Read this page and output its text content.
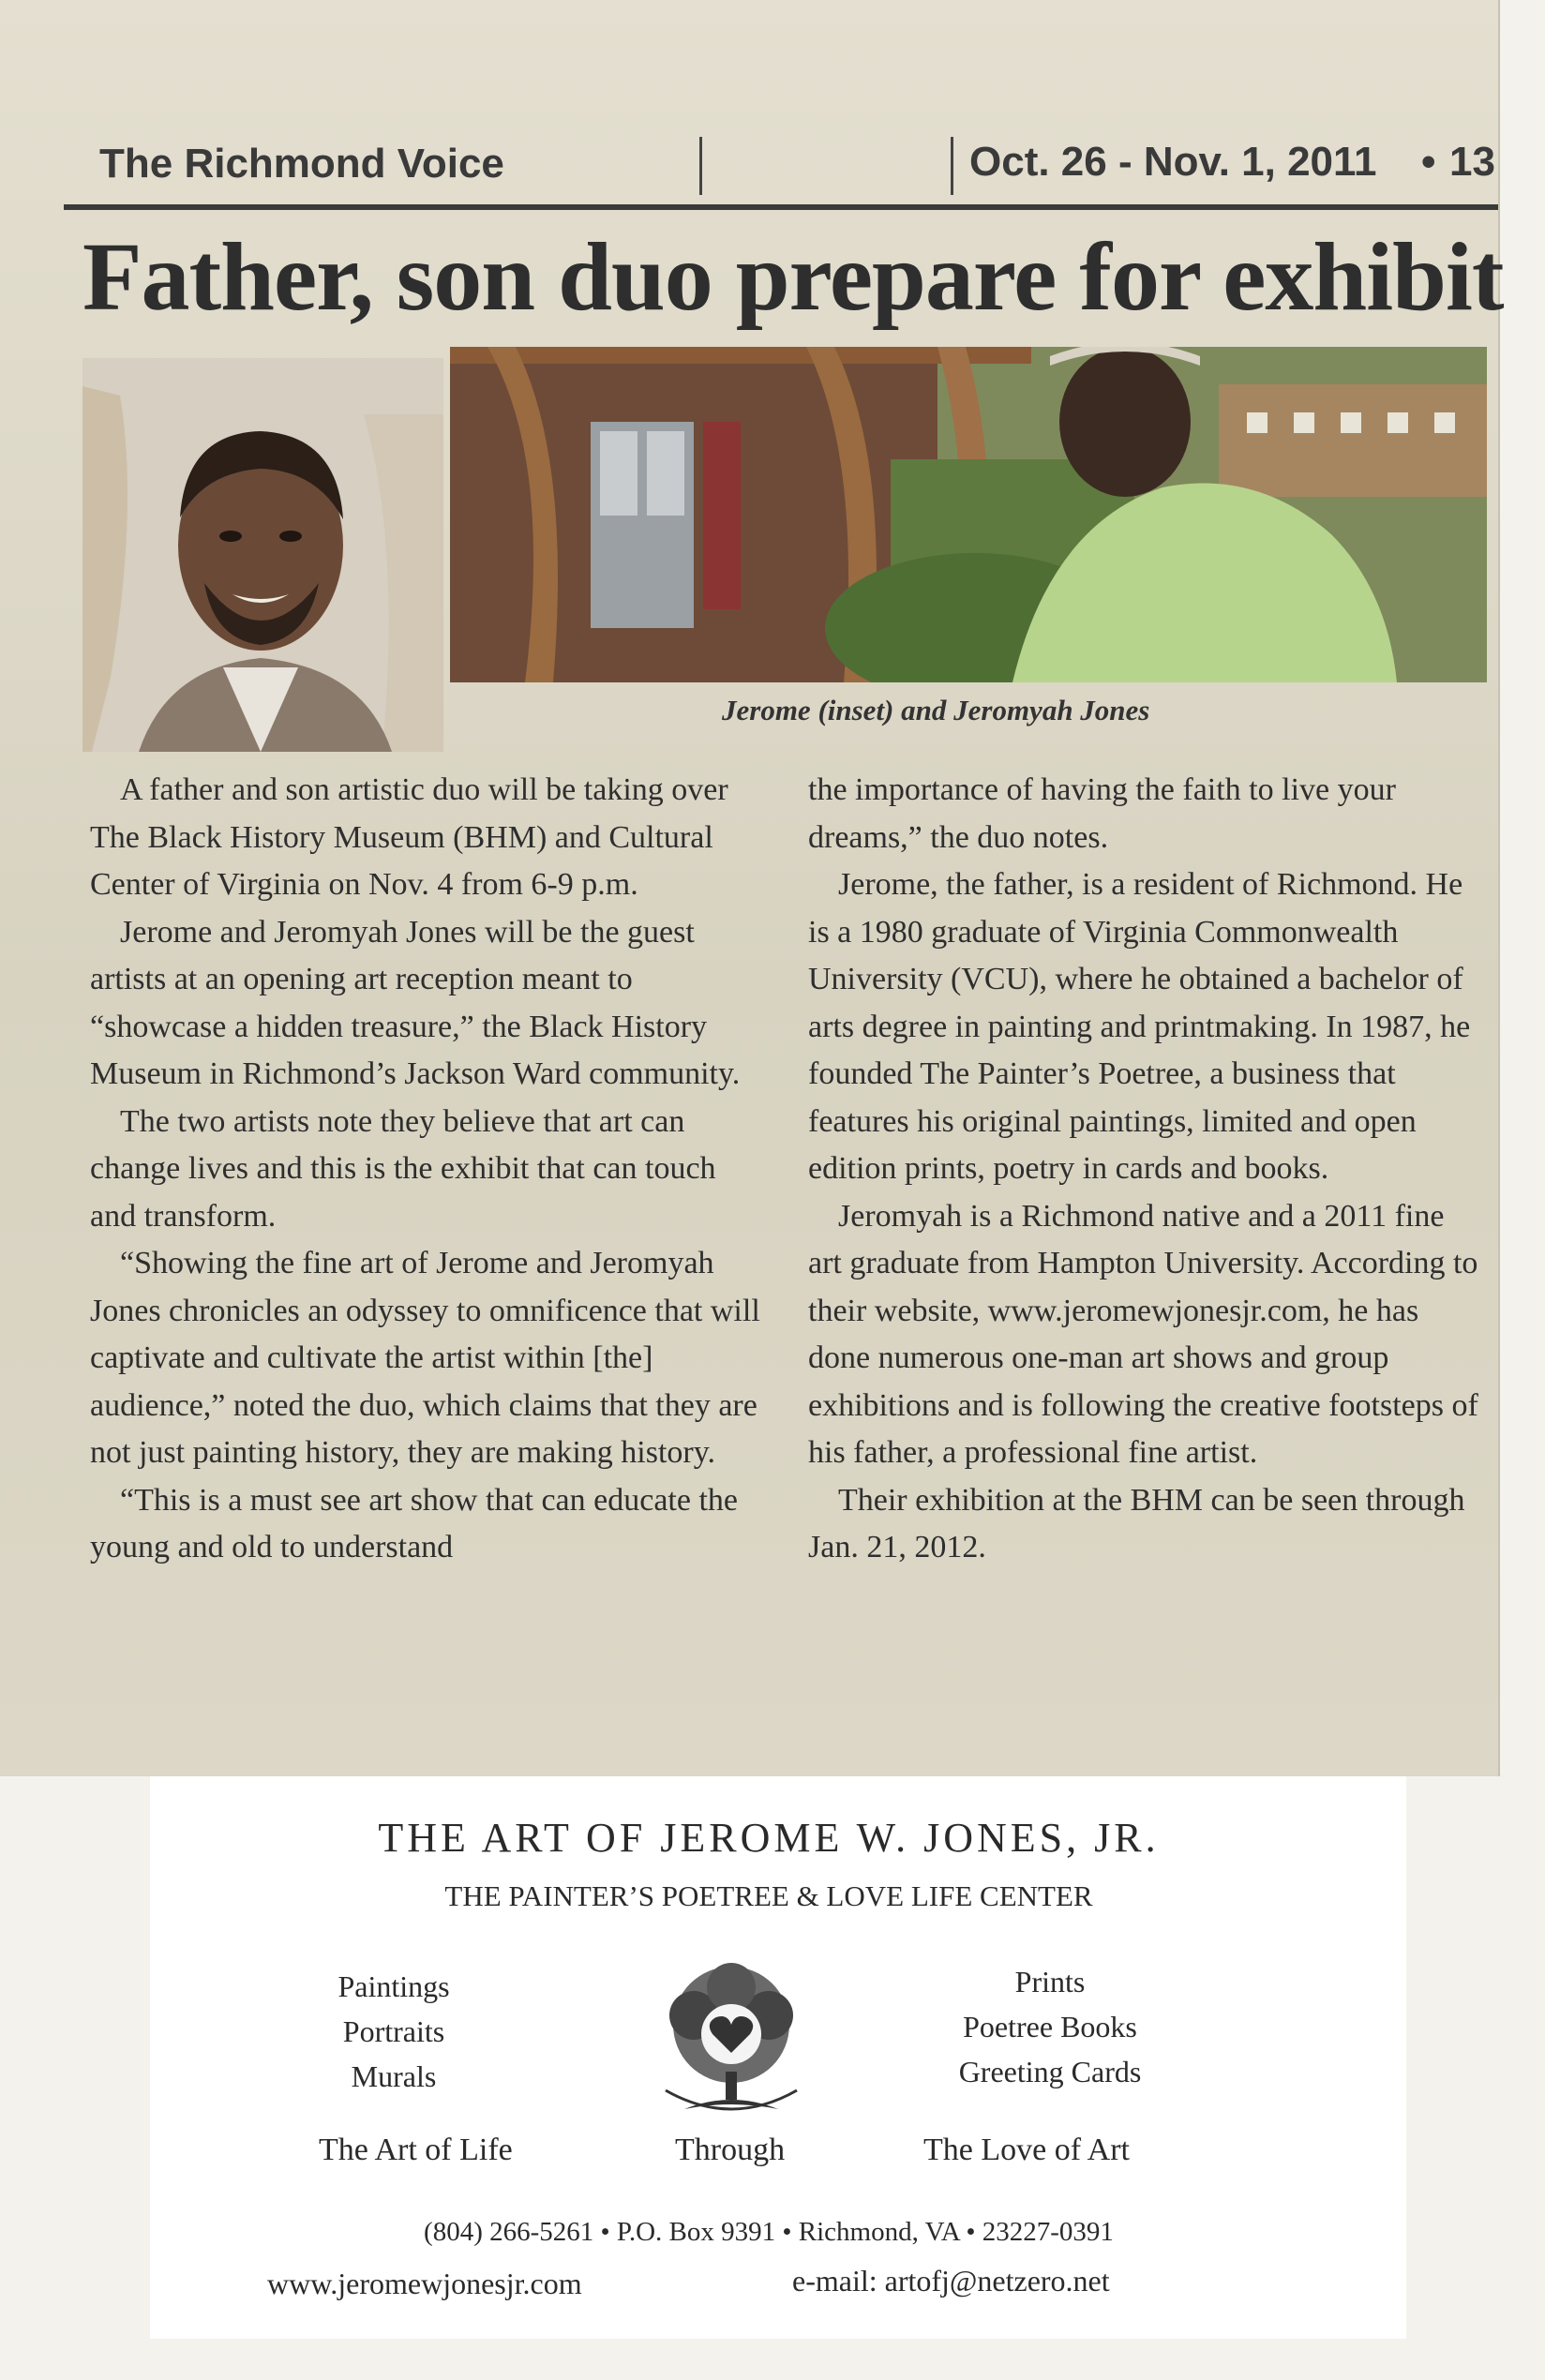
The Richmond Voice	Oct. 26 - Nov. 1, 2011 • 13
Father, son duo prepare for exhibit
Jerome (inset) and Jeromyah Jones

A father and son artistic duo will be taking over The Black History Museum (BHM) and Cultural Center of Virginia on Nov. 4 from 6-9 p.m.

Jerome and Jeromyah Jones will be the guest artists at an opening art reception meant to “showcase a hidden treasure,” the Black History Museum in Richmond’s Jackson Ward community.

The two artists note they believe that art can change lives and this is the exhibit that can touch and transform.

“Showing the fine art of Jerome and Jeromyah Jones chronicles an odyssey to omnificence that will captivate and cultivate the artist within [the] audience,” noted the duo, which claims that they are not just painting history, they are making history.

“This is a must see art show that can educate the young and old to understand

the importance of having the faith to live your dreams,” the duo notes.

Jerome, the father, is a resident of Richmond. He is a 1980 graduate of Virginia Commonwealth University (VCU), where he obtained a bachelor of arts degree in painting and printmaking. In 1987, he founded The Painter’s Poetree, a business that features his original paintings, limited and open edition prints, poetry in cards and books.

Jeromyah is a Richmond native and a 2011 fine art graduate from Hampton University. According to their website, www.jeromewjonesjr.com, he has done numerous one-man art shows and group exhibitions and is following the creative footsteps of his father, a professional fine artist.

Their exhibition at the BHM can be seen through Jan. 21, 2012.

THE ART OF JEROME W. JONES, JR.
THE PAINTER’S POETREE & LOVE LIFE CENTER
Paintings
Portraits
Murals
Prints
Poetree Books
Greeting Cards
The Art of Life	Through	The Love of Art
(804) 266-5261 • P.O. Box 9391 • Richmond, VA • 23227-0391
www.jeromewjonesjr.com	e-mail: artofj@netzero.net
